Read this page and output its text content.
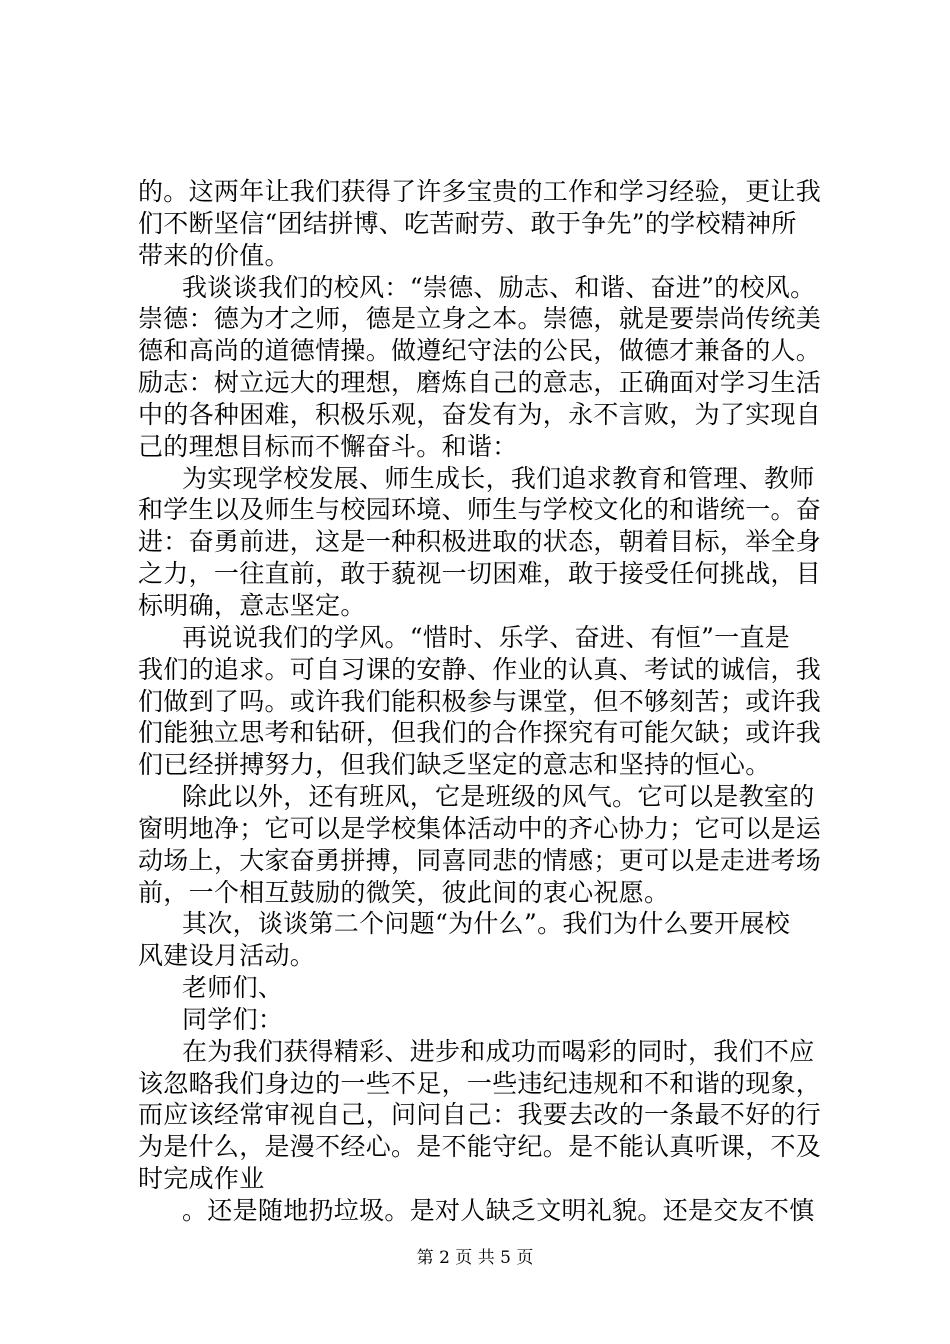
的。这两年让我们获得了许多宝贵的工作和学习经验，更让我
们不断坚信“团结拼博、吃苦耐劳、敢于争先”的学校精神所
带来的价值。
我谈谈我们的校风：“崇德、励志、和谐、奋进”的校风。
崇德：德为才之师，德是立身之本。崇德，就是要崇尚传统美
德和高尚的道德情操。做遵纪守法的公民，做德才兼备的人。
励志：树立远大的理想，磨炼自己的意志，正确面对学习生活
中的各种困难，积极乐观，奋发有为，永不言败，为了实现自
己的理想目标而不懈奋斗。和谐：
为实现学校发展、师生成长，我们追求教育和管理、教师
和学生以及师生与校园环境、师生与学校文化的和谐统一。奋
进：奋勇前进，这是一种积极进取的状态，朝着目标，举全身
之力，一往直前，敢于藐视一切困难，敢于接受任何挑战，目
标明确，意志坚定。
再说说我们的学风。“惜时、乐学、奋进、有恒”一直是
我们的追求。可自习课的安静、作业的认真、考试的诚信，我
们做到了吗。或许我们能积极参与课堂，但不够刻苦；或许我
们能独立思考和钻研，但我们的合作探究有可能欠缺；或许我
们已经拼搏努力，但我们缺乏坚定的意志和坚持的恒心。
除此以外，还有班风，它是班级的风气。它可以是教室的
窗明地净；它可以是学校集体活动中的齐心协力；它可以是运
动场上，大家奋勇拼搏，同喜同悲的情感；更可以是走进考场
前，一个相互鼓励的微笑，彼此间的衷心祝愿。
其次，谈谈第二个问题“为什么”。我们为什么要开展校
风建设月活动。
老师们、
同学们：
在为我们获得精彩、进步和成功而喝彩的同时，我们不应
该忽略我们身边的一些不足，一些违纪违规和不和谐的现象，
而应该经常审视自己，问问自己：我要去改的一条最不好的行
为是什么，是漫不经心。是不能守纪。是不能认真听课，不及
时完成作业
。还是随地扔垃圾。是对人缺乏文明礼貌。还是交友不慎
第 2 页 共 5 页
